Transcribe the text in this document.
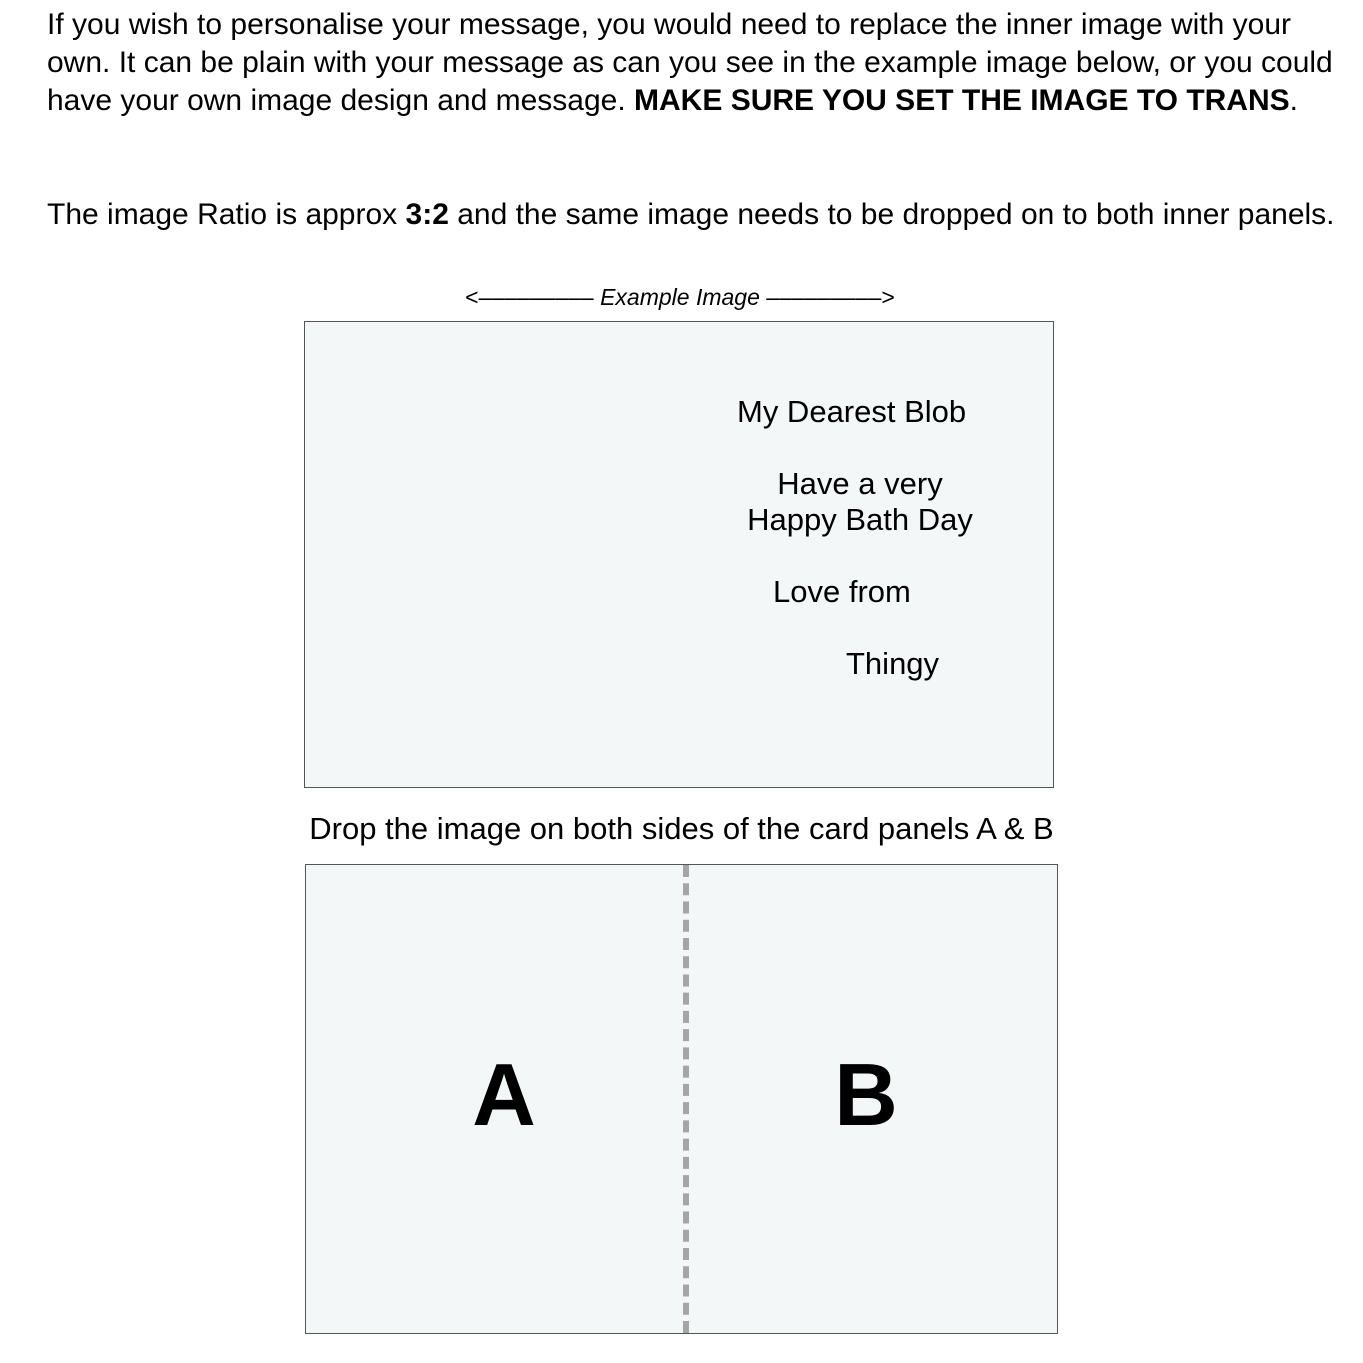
If you wish to personalise your message, you would need to replace the inner image with your own. It can be plain with your message as can you see in the example image below, or you could have your own image design and message. MAKE SURE YOU SET THE IMAGE TO TRANS.

The image Ratio is approx 3:2 and the same image needs to be dropped on to both inner panels.

<––––––––– Example Image –––––––––>
My Dearest Blob
Have a very
Happy Bath Day
Love from
Thingy
Drop the image on both sides of the card panels A & B
A	B
